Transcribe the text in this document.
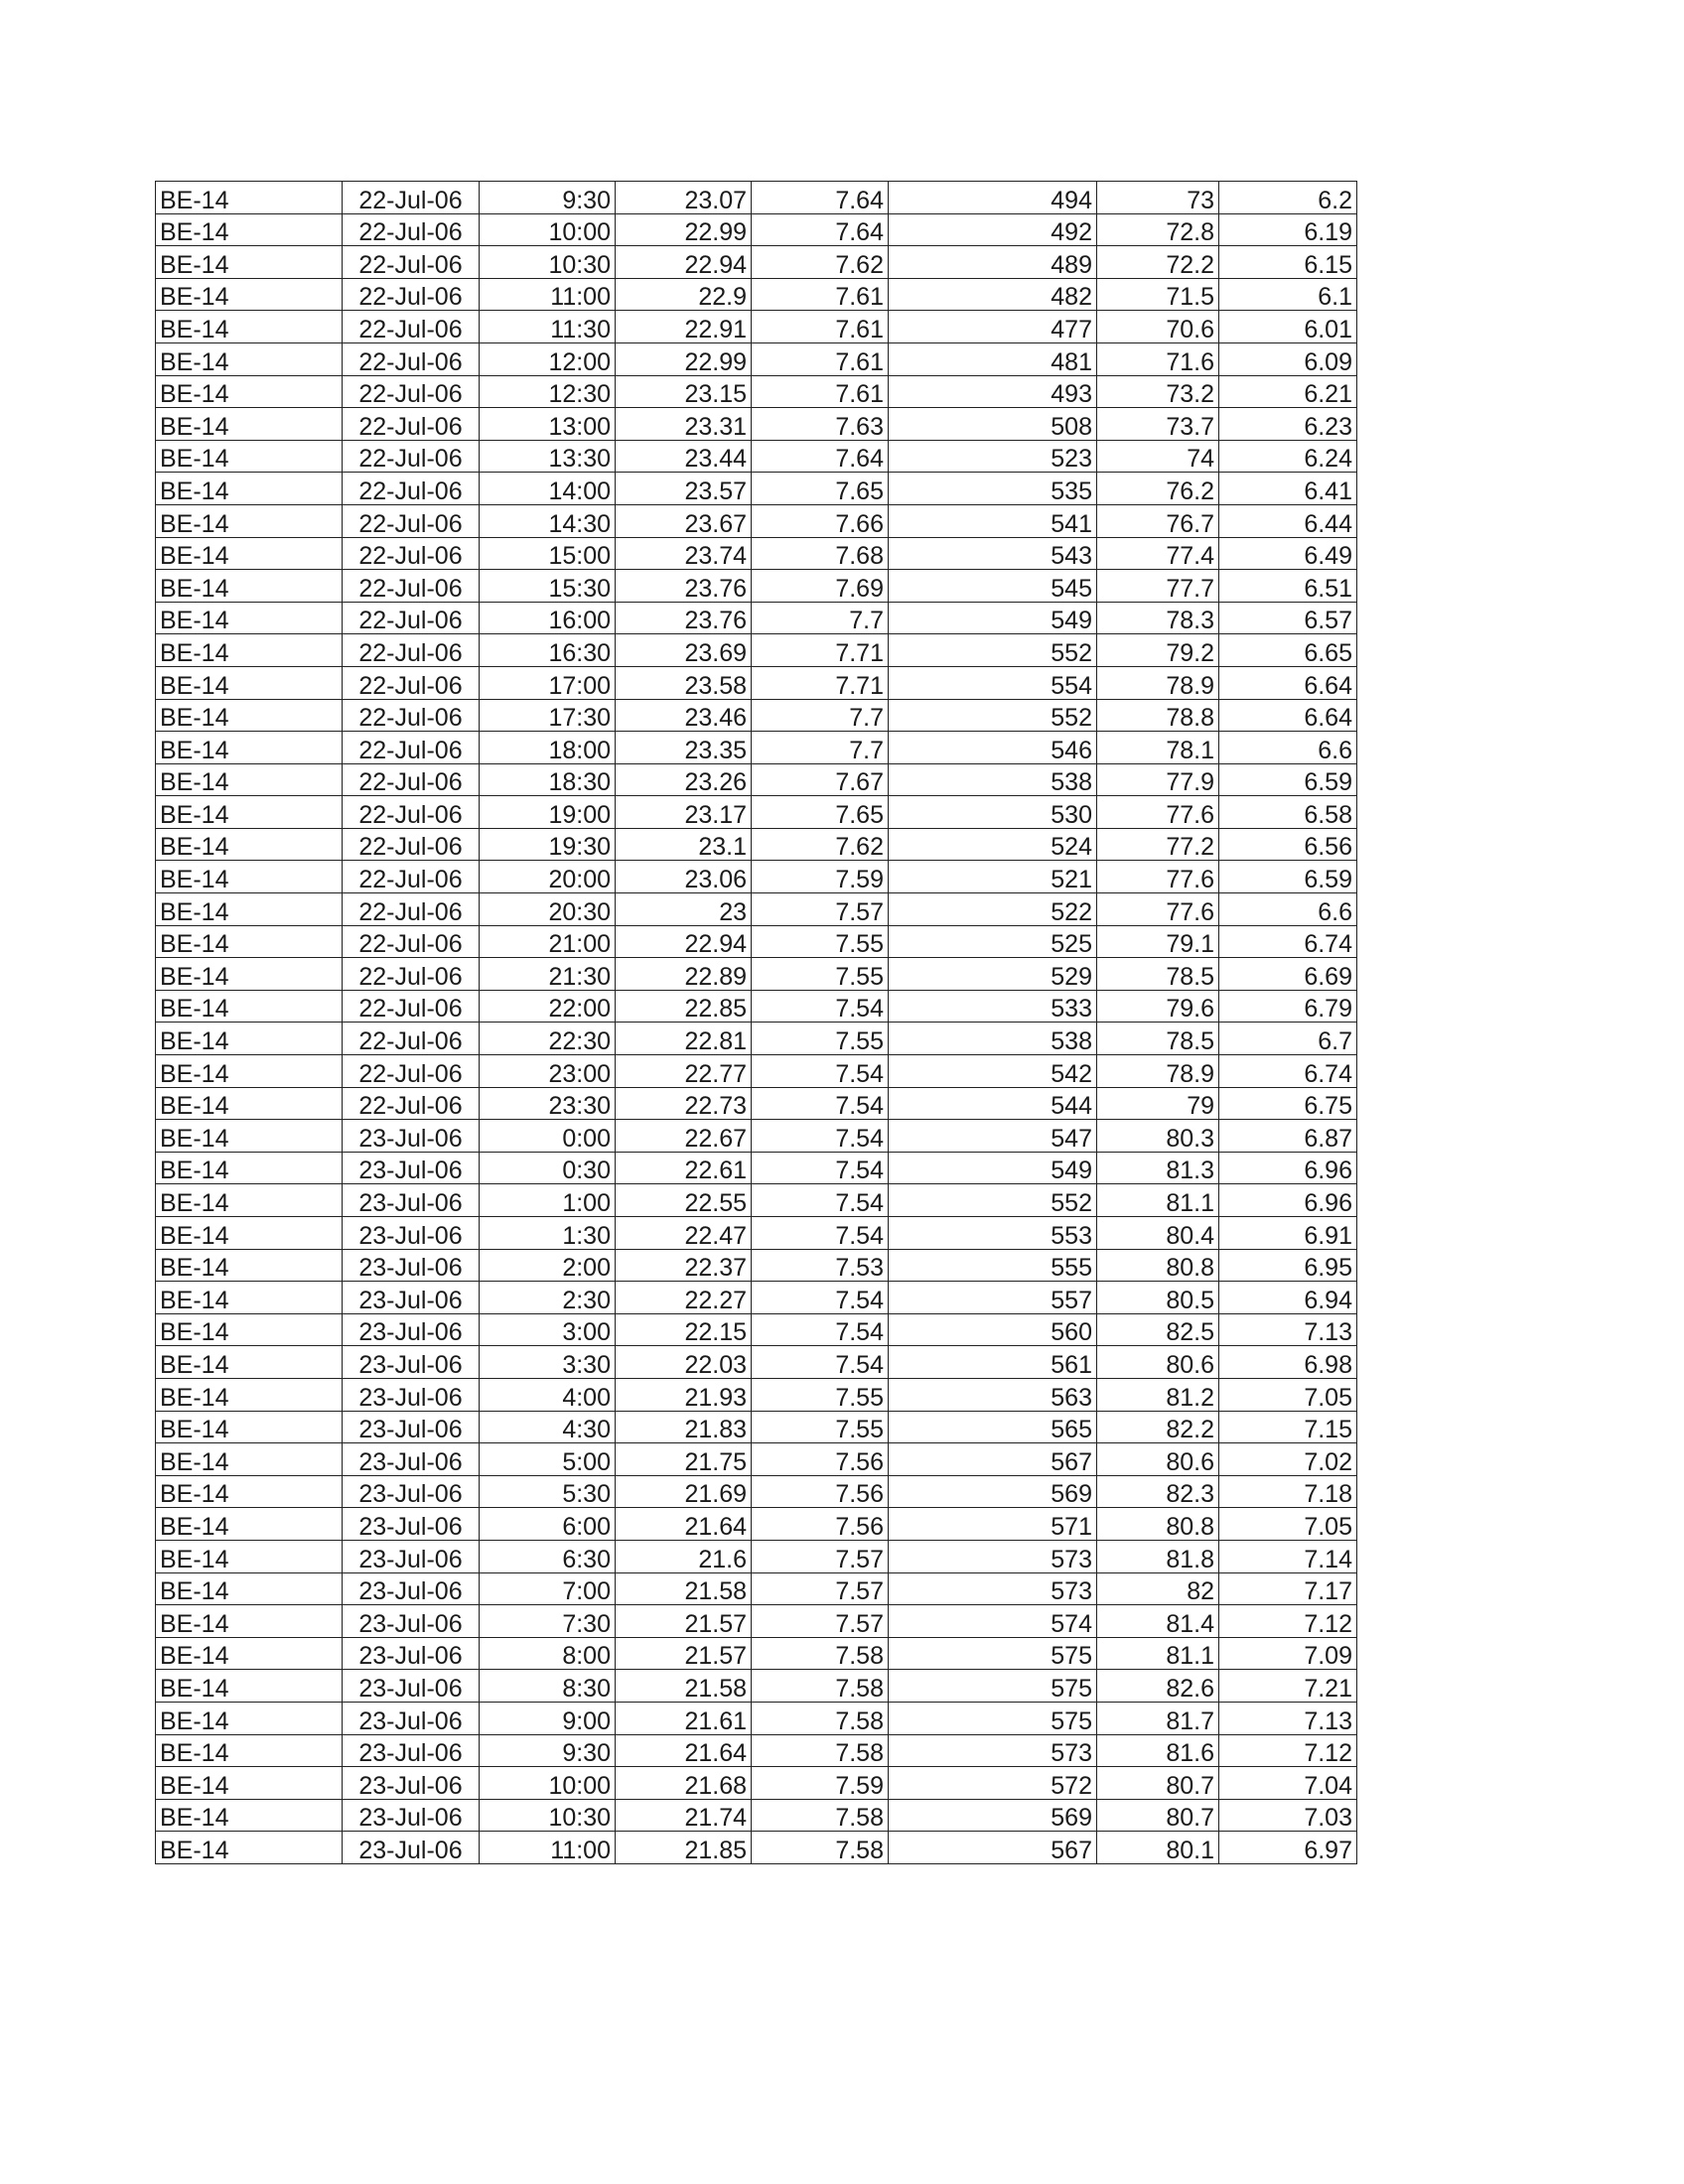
BE-14	22-Jul-06	9:30	23.07	7.64	494	73	6.2
BE-14	22-Jul-06	10:00	22.99	7.64	492	72.8	6.19
BE-14	22-Jul-06	10:30	22.94	7.62	489	72.2	6.15
BE-14	22-Jul-06	11:00	22.9	7.61	482	71.5	6.1
BE-14	22-Jul-06	11:30	22.91	7.61	477	70.6	6.01
BE-14	22-Jul-06	12:00	22.99	7.61	481	71.6	6.09
BE-14	22-Jul-06	12:30	23.15	7.61	493	73.2	6.21
BE-14	22-Jul-06	13:00	23.31	7.63	508	73.7	6.23
BE-14	22-Jul-06	13:30	23.44	7.64	523	74	6.24
BE-14	22-Jul-06	14:00	23.57	7.65	535	76.2	6.41
BE-14	22-Jul-06	14:30	23.67	7.66	541	76.7	6.44
BE-14	22-Jul-06	15:00	23.74	7.68	543	77.4	6.49
BE-14	22-Jul-06	15:30	23.76	7.69	545	77.7	6.51
BE-14	22-Jul-06	16:00	23.76	7.7	549	78.3	6.57
BE-14	22-Jul-06	16:30	23.69	7.71	552	79.2	6.65
BE-14	22-Jul-06	17:00	23.58	7.71	554	78.9	6.64
BE-14	22-Jul-06	17:30	23.46	7.7	552	78.8	6.64
BE-14	22-Jul-06	18:00	23.35	7.7	546	78.1	6.6
BE-14	22-Jul-06	18:30	23.26	7.67	538	77.9	6.59
BE-14	22-Jul-06	19:00	23.17	7.65	530	77.6	6.58
BE-14	22-Jul-06	19:30	23.1	7.62	524	77.2	6.56
BE-14	22-Jul-06	20:00	23.06	7.59	521	77.6	6.59
BE-14	22-Jul-06	20:30	23	7.57	522	77.6	6.6
BE-14	22-Jul-06	21:00	22.94	7.55	525	79.1	6.74
BE-14	22-Jul-06	21:30	22.89	7.55	529	78.5	6.69
BE-14	22-Jul-06	22:00	22.85	7.54	533	79.6	6.79
BE-14	22-Jul-06	22:30	22.81	7.55	538	78.5	6.7
BE-14	22-Jul-06	23:00	22.77	7.54	542	78.9	6.74
BE-14	22-Jul-06	23:30	22.73	7.54	544	79	6.75
BE-14	23-Jul-06	0:00	22.67	7.54	547	80.3	6.87
BE-14	23-Jul-06	0:30	22.61	7.54	549	81.3	6.96
BE-14	23-Jul-06	1:00	22.55	7.54	552	81.1	6.96
BE-14	23-Jul-06	1:30	22.47	7.54	553	80.4	6.91
BE-14	23-Jul-06	2:00	22.37	7.53	555	80.8	6.95
BE-14	23-Jul-06	2:30	22.27	7.54	557	80.5	6.94
BE-14	23-Jul-06	3:00	22.15	7.54	560	82.5	7.13
BE-14	23-Jul-06	3:30	22.03	7.54	561	80.6	6.98
BE-14	23-Jul-06	4:00	21.93	7.55	563	81.2	7.05
BE-14	23-Jul-06	4:30	21.83	7.55	565	82.2	7.15
BE-14	23-Jul-06	5:00	21.75	7.56	567	80.6	7.02
BE-14	23-Jul-06	5:30	21.69	7.56	569	82.3	7.18
BE-14	23-Jul-06	6:00	21.64	7.56	571	80.8	7.05
BE-14	23-Jul-06	6:30	21.6	7.57	573	81.8	7.14
BE-14	23-Jul-06	7:00	21.58	7.57	573	82	7.17
BE-14	23-Jul-06	7:30	21.57	7.57	574	81.4	7.12
BE-14	23-Jul-06	8:00	21.57	7.58	575	81.1	7.09
BE-14	23-Jul-06	8:30	21.58	7.58	575	82.6	7.21
BE-14	23-Jul-06	9:00	21.61	7.58	575	81.7	7.13
BE-14	23-Jul-06	9:30	21.64	7.58	573	81.6	7.12
BE-14	23-Jul-06	10:00	21.68	7.59	572	80.7	7.04
BE-14	23-Jul-06	10:30	21.74	7.58	569	80.7	7.03
BE-14	23-Jul-06	11:00	21.85	7.58	567	80.1	6.97
